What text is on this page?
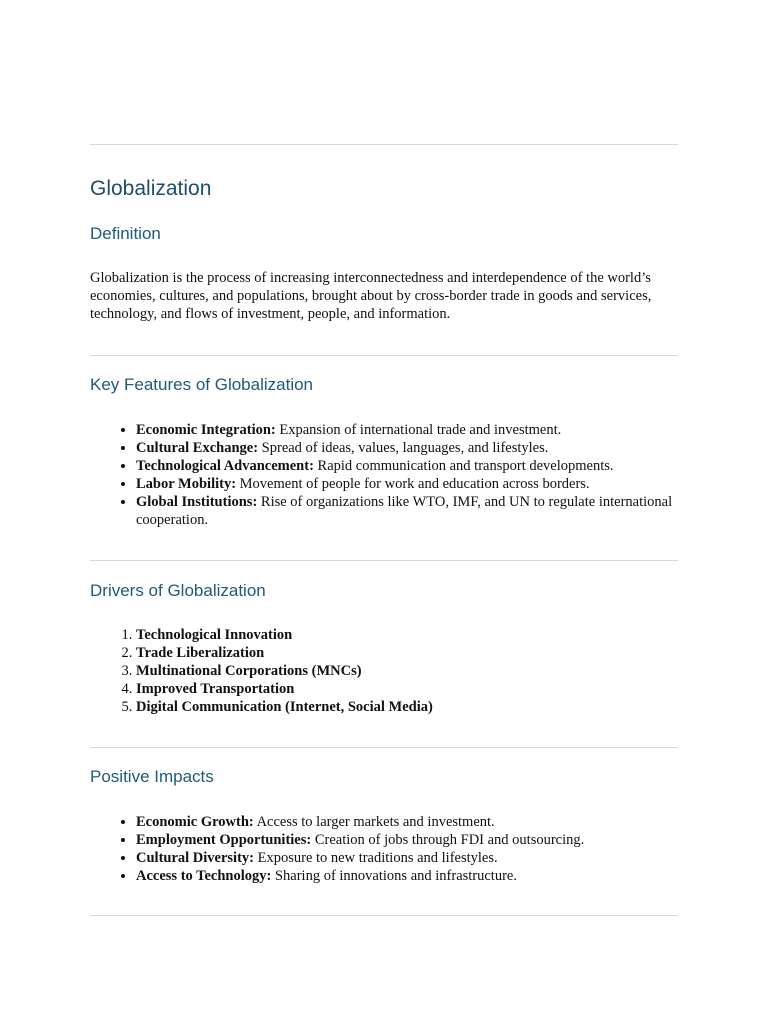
Globalization
Definition

Globalization is the process of increasing interconnectedness and interdependence of the world’s economies, cultures, and populations, brought about by cross-border trade in goods and services, technology, and flows of investment, people, and information.

Key Features of Globalization
• Economic Integration: Expansion of international trade and investment.
• Cultural Exchange: Spread of ideas, values, languages, and lifestyles.
• Technological Advancement: Rapid communication and transport developments.
• Labor Mobility: Movement of people for work and education across borders.
• Global Institutions: Rise of organizations like WTO, IMF, and UN to regulate international cooperation.
Drivers of Globalization
1. Technological Innovation
2. Trade Liberalization
3. Multinational Corporations (MNCs)
4. Improved Transportation
5. Digital Communication (Internet, Social Media)
Positive Impacts
• Economic Growth: Access to larger markets and investment.
• Employment Opportunities: Creation of jobs through FDI and outsourcing.
• Cultural Diversity: Exposure to new traditions and lifestyles.
• Access to Technology: Sharing of innovations and infrastructure.
